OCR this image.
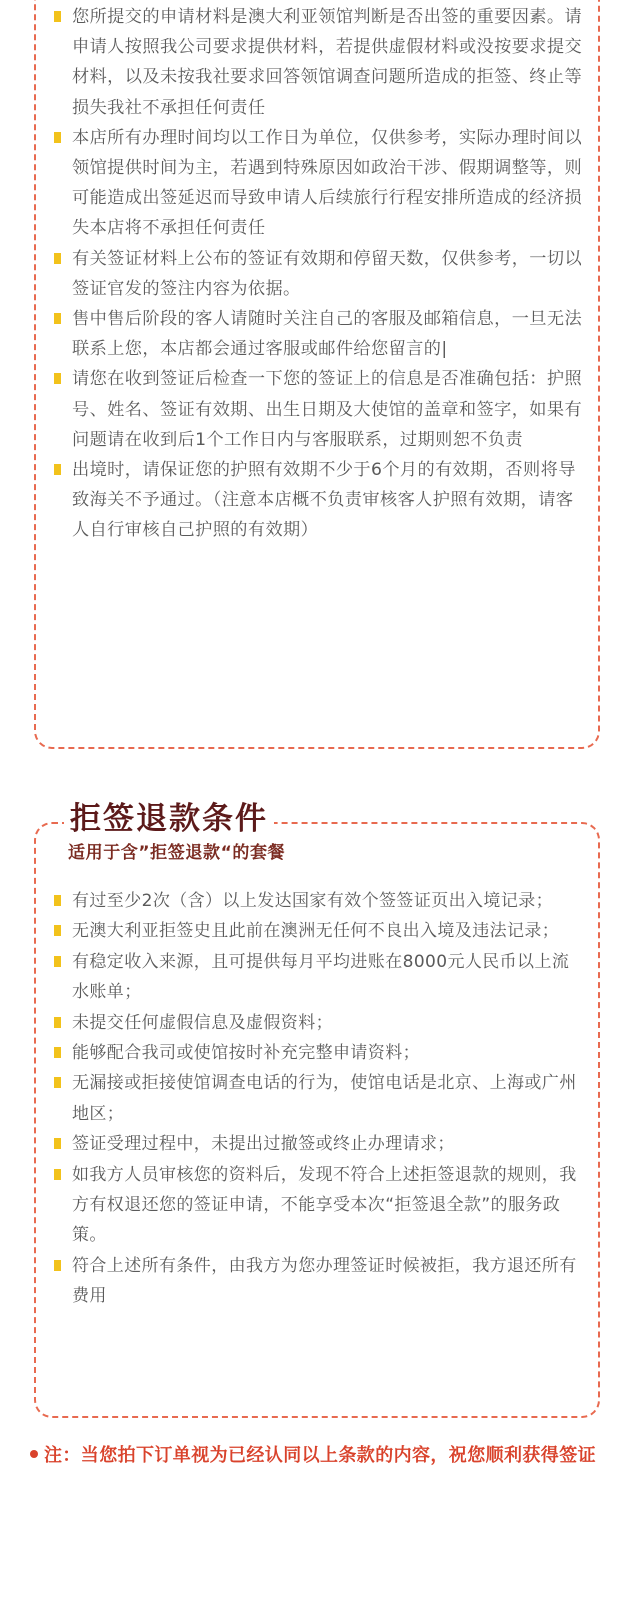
您所提交的申请材料是澳大利亚领馆判断是否出签的重要因素。请申请人按照我公司要求提供材料，若提供虚假材料或没按要求提交材料，以及未按我社要求回答领馆调查问题所造成的拒签、终止等损失我社不承担任何责任
本店所有办理时间均以工作日为单位，仅供参考，实际办理时间以领馆提供时间为主，若遇到特殊原因如政治干涉、假期调整等，则可能造成出签延迟而导致申请人后续旅行行程安排所造成的经济损失本店将不承担任何责任
有关签证材料上公布的签证有效期和停留天数，仅供参考，一切以签证官发的签注内容为依据。
售中售后阶段的客人请随时关注自己的客服及邮箱信息，一旦无法联系上您，本店都会通过客服或邮件给您留言的|
请您在收到签证后检查一下您的签证上的信息是否准确包括：护照号、姓名、签证有效期、出生日期及大使馆的盖章和签字，如果有问题请在收到后1个工作日内与客服联系，过期则恕不负责
出境时，请保证您的护照有效期不少于6个月的有效期，否则将导致海关不予通过。（注意本店概不负责审核客人护照有效期，请客人自行审核自己护照的有效期）
适用于含”拒签退款“的套餐
有过至少2次（含）以上发达国家有效个签签证页出入境记录；
无澳大利亚拒签史且此前在澳洲无任何不良出入境及违法记录；
有稳定收入来源，且可提供每月平均进账在8000元人民币以上流水账单；
未提交任何虚假信息及虚假资料；
能够配合我司或使馆按时补充完整申请资料；
无漏接或拒接使馆调查电话的行为，使馆电话是北京、上海或广州地区；
签证受理过程中，未提出过撤签或终止办理请求；
如我方人员审核您的资料后，发现不符合上述拒签退款的规则，我方有权退还您的签证申请，不能享受本次“拒签退全款”的服务政策。
符合上述所有条件，由我方为您办理签证时候被拒，我方退还所有费用
拒签退款条件
注：当您拍下订单视为已经认同以上条款的内容，祝您顺利获得签证
